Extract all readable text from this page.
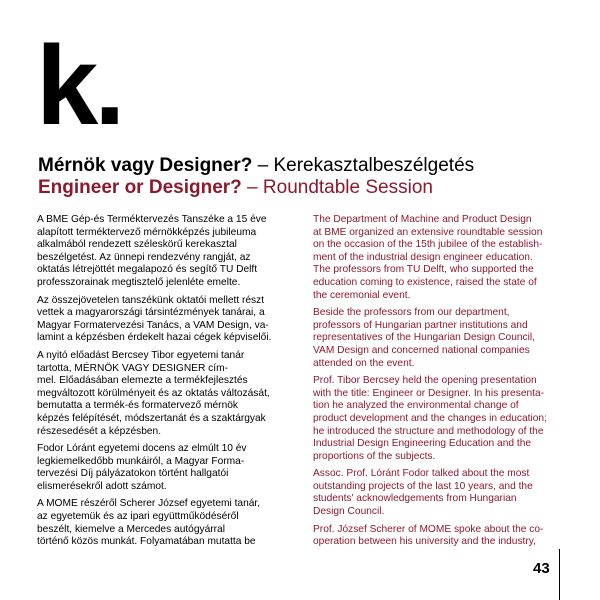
k.
Mérnök vagy Designer? – Kerekasztalbeszélgetés
Engineer or Designer? – Roundtable Session

A BME Gép-és Terméktervezés Tanszéke a 15 éve
alapított terméktervező mérnökképzés jubileuma
alkalmából rendezett széleskörű kerekasztal
beszélgetést. Az ünnepi rendezvény rangját, az
oktatás létrejöttét megalapozó és segítő TU Delft
professzorainak megtisztelő jelenléte emelte.

Az összejövetelen tanszékünk oktatói mellett részt
vettek a magyarországi társintézmények tanárai, a
Magyar Formatervezési Tanács, a VAM Design, va-
lamint a képzésben érdekelt hazai cégek képviselői.

A nyitó előadást Bercsey Tibor egyetemi tanár
tartotta, MÉRNÖK VAGY DESIGNER cím-
mel. Előadásában elemezte a termékfejlesztés
megváltozott körülményeit és az oktatás változását,
bemutatta a termék-és formatervező mérnök
képzés felépítését, módszertanát és a szaktárgyak
részesedését a képzésben.

Fodor Lóránt egyetemi docens az elmúlt 10 év
legkiemelkedőbb munkáiról, a Magyar Forma-
tervezési Díj pályázatokon történt hallgatói
elismerésekről adott számot.

A MOME részéről Scherer József egyetemi tanár,
az egyetemük és az ipari együttműködéséről
beszélt, kiemelve a Mercedes autógyárral
történő közös munkát. Folyamatában mutatta be

The Department of Machine and Product Design
at BME organized an extensive roundtable session
on the occasion of the 15th jubilee of the establish-
ment of the industrial design engineer education.
The professors from TU Delft, who supported the
education coming to existence, raised the state of
the ceremonial event.

Beside the professors from our department,
professors of Hungarian partner institutions and
representatives of the Hungarian Design Council,
VAM Design and concerned national companies
attended on the event.

Prof. Tibor Bercsey held the opening presentation
with the title: Engineer or Designer. In his presenta-
tion he analyzed the environmental change of
product development and the changes in education;
he introduced the structure and methodology of the
Industrial Design Engineering Education and the
proportions of the subjects.

Assoc. Prof. Lóránt Fodor talked about the most
outstanding projects of the last 10 years, and the
students' acknowledgements from Hungarian
Design Council.

Prof. József Scherer of MOME spoke about the co-
operation between his university and the industry,

43
